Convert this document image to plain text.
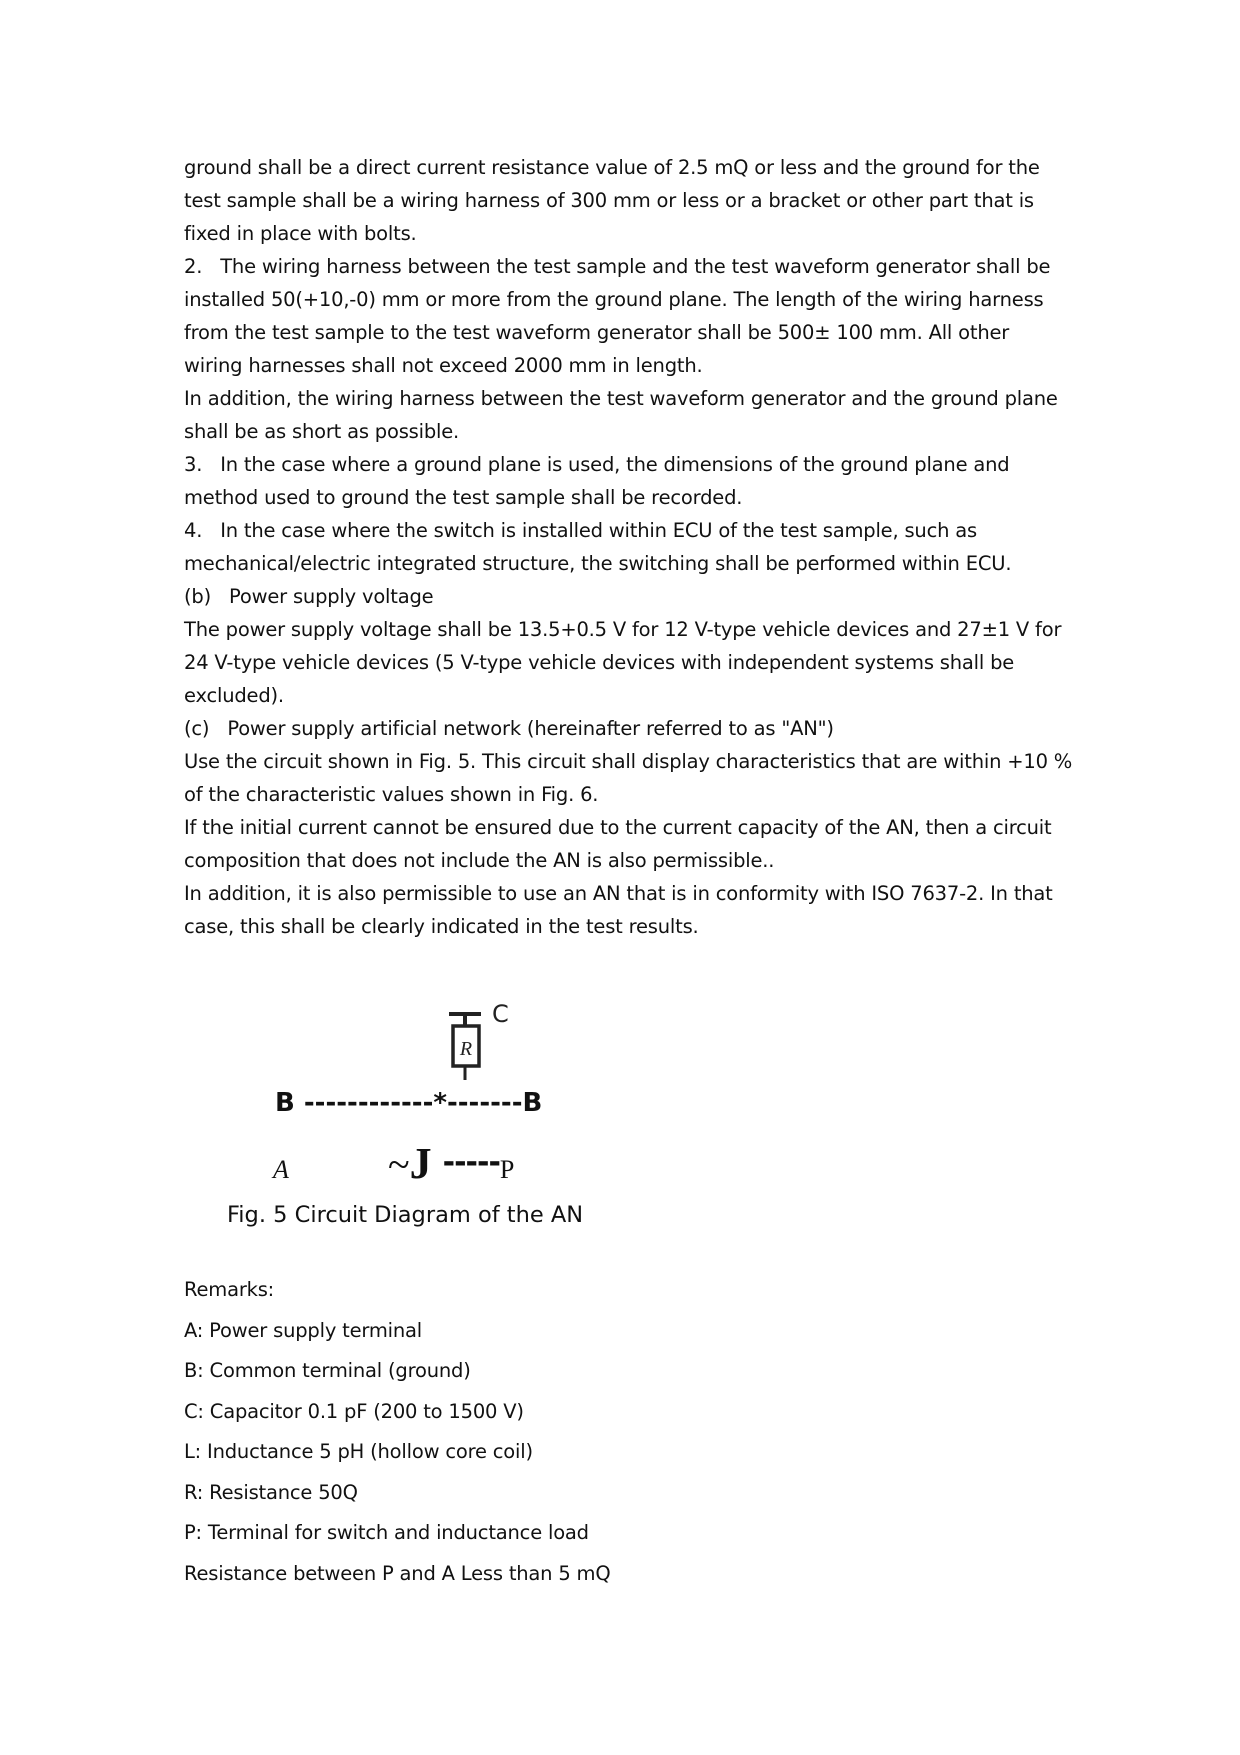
ground shall be a direct current resistance value of 2.5 mQ or less and the ground for the
test sample shall be a wiring harness of 300 mm or less or a bracket or other part that is
fixed in place with bolts.
2.   The wiring harness between the test sample and the test waveform generator shall be
installed 50(+10,-0) mm or more from the ground plane. The length of the wiring harness
from the test sample to the test waveform generator shall be 500± 100 mm. All other
wiring harnesses shall not exceed 2000 mm in length.
In addition, the wiring harness between the test waveform generator and the ground plane
shall be as short as possible.
3.   In the case where a ground plane is used, the dimensions of the ground plane and
method used to ground the test sample shall be recorded.
4.   In the case where the switch is installed within ECU of the test sample, such as
mechanical/electric integrated structure, the switching shall be performed within ECU.
(b)   Power supply voltage
The power supply voltage shall be 13.5+0.5 V for 12 V-type vehicle devices and 27±1 V for
24 V-type vehicle devices (5 V-type vehicle devices with independent systems shall be
excluded).
(c)   Power supply artificial network (hereinafter referred to as "AN")
Use the circuit shown in Fig. 5. This circuit shall display characteristics that are within +10 %
of the characteristic values shown in Fig. 6.
If the initial current cannot be ensured due to the current capacity of the AN, then a circuit
composition that does not include the AN is also permissible..
In addition, it is also permissible to use an AN that is in conformity with ISO 7637-2. In that
case, this shall be clearly indicated in the test results.
R
C
B ------------*-------B
A ~J -----P
Fig. 5 Circuit Diagram of the AN
Remarks:
A: Power supply terminal
B: Common terminal (ground)
C: Capacitor 0.1 pF (200 to 1500 V)
L: Inductance 5 pH (hollow core coil)
R: Resistance 50Q
P: Terminal for switch and inductance load
Resistance between P and A Less than 5 mQ
